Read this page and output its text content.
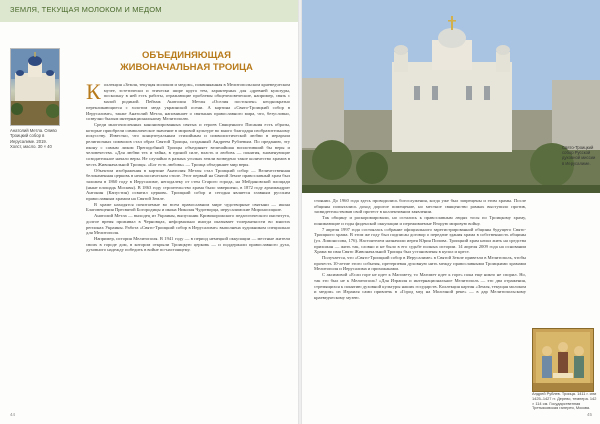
ЗЕМЛЯ, ТЕКУЩАЯ МОЛОКОМ И МЕДОМ
Анатолий Метла. Оливо Троицкий собор в Иерусалиме. 2019. Холст, масло. 30 × 40
ОБЪЕДИНЯЮЩАЯ
ЖИВОНАЧАЛЬНАЯ ТРОИЦА
К оллекция «Земля, текущая молоком и медом», поквиняанная в Мелитопольском краеведческом музее, эстетически и этически шире круга тем, характерных для «древней культуры, поскольку в ней есть работы, отражающие проблемы общечеловеческие, например, связь с малой родиной. Пейзаж Анатолия Метлы «Оселия постоялен» неоднократно перекликающиеся с золотом меда украинской осени. А картина «Свято-Троицкий собор в Иерусалиме», также Анатолий Метла, напоминает о святынях православного мира, что, безусловно, созвучно былым интернациональному Мелитополю.

Среди многочисленных канонизированных святых и героев Священного Писания есть образы, которые приобрели символическое значение в мировой культуре во много благодаря изобразительному искусству. Известно, что концептуальным стихийным и символистической любви в иерархии религиозных символов стал образ Святой Троицы, созданный Андреем Рублевым. По преданию, эту икону с самым ликом Преподобный Троицы объединяет величайшая воплотивший бы веры и человечества. «Для любви тех и тайна, в единой силе, власть и любовь — понятия, знаменующие созидательное начало веры. Не случайно в разных уголках земли возведено такое количество храмов в честь Живоначальной Троицы. «Бог есть любовь» — Троица объединяет мир веры.

Объектом изображения в картине Анатолия Метлы стал Троицкий собор — Величественная белокаменная церковь в неоклассическом стиле. Этот первый на Святой Земле православный храм был заложен в 1860 году в Иерусалиме, неподалеку от стен Старого города, на Мейдановской площади (ныне площадь Москвы). В 1863 году строительство храма было завершено, в 1872 году архимандрит Антонин (Капустин) освятил церковь. Троицкий собор и сегодня является главным русским православным храмом на Святой Земле.

В храме находятся почитаемые во всем православном мире чудотворные святыни — икона Благовещения Пресвятой Богородицы и икона Николая Чудотворца, иерусалимские Мироносицкие.

Анатолий Метла — выходец из Украины, выпускник Кривокорожского педагогического института, долгое время проживал в Черновцах, неформально иногда оказывает толерантности во многих регионах Украины. Работа «Свято-Троицкий собор в Иерусалиме» выполнена художником специально для Мелитополя.

Например, история Мелитополя. В 1941 году — в период немецкой оккупации — местные жители своих в городе дом, в котором открыли Троицкую церковь — и поддержали православного духа, духовного надежду победить в войне по-настоящему.

44
Свято-Троицкий собор Русской духовной миссии в Иерусалиме.

стоянии. До 1960 года здесь проводились богослужения, когда уже был запрещены и этим храмы. После общины попытались доход дорогое помещение, но местное священство рамках выступило против, засвидетельствовав свой протест в коллективном заявлении.

Так общину и раскоромировали, но остались к православным людях тосы по Троицкому храму, понимающие и годы фиденской оккупации и переживаемые Вторую мировую войну.

7 апреля 1997 года состоялась собрание официального зарегистрированной общины будущего Свято-Троицкого храма. В этом же году был подписан договор о передаче здания храма в собственность общины (ул. Ломоносова, 176). Настоятелем назначили иерея Юрия Попова. Троицкий храм начал жить на средства прихожан — жить так, словно и не было в его судьбе полных истории. 14 апреля 2009 года на основании Храма во имя Свято Живоначальной Троицы был установлены в купол и крест.

Получается, что «Свято-Троицкий собор в Иерусалиме» в Святой Земле привезли в Мелитополь, чтобы прочесть 10-летие этого события, претерпевая духовную нить между православными Троицкими храмами Мелитополя и Иерусалима и прихожанами.

С аксимовой «Если горе не идет к Магомету, то Магомет идет к горе» пока еще никто не спорил. Но, так это был не к Мелитополь! «Для Израиля и интернациональное Мелитополь — это два отражения, стремящихся к понятию духовной культуры наших государств. Коллекция картин «Земля, текущая молоком и медом» из Израиля сами привлечь в «Город мед на Молочной реке» — в дар Мелитопольскому краеведческому музею.

Андрей Рублев. Троица. 1411 г. или 1425–1427 гг. Дерево, темпера. 142 × 114 см. Государственная Третьяковская галерея, Москва.
45
